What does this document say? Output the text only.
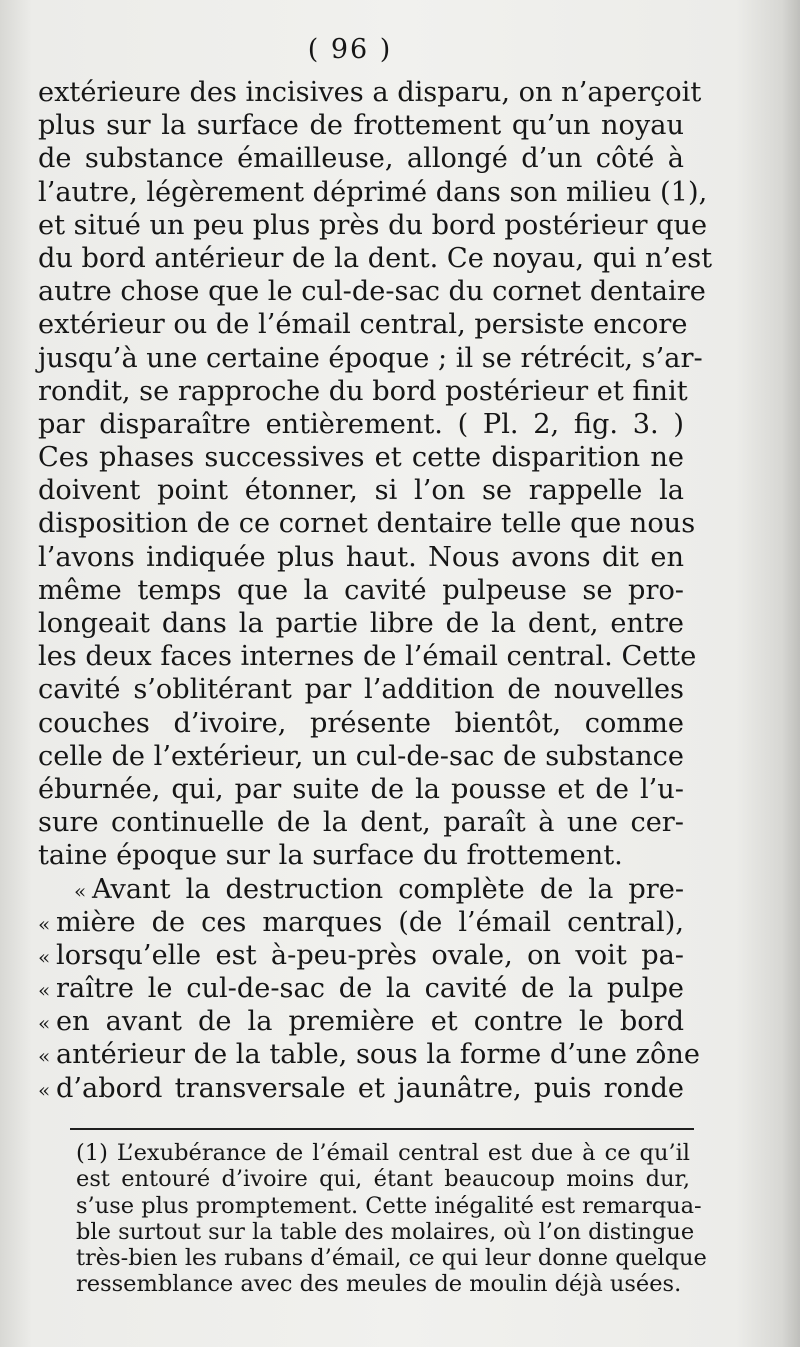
( 96 )
extérieure des incisives a disparu, on n’aperçoit
plus sur la surface de frottement qu’un noyau
de substance émailleuse, allongé d’un côté à
l’autre, légèrement déprimé dans son milieu (1),
et situé un peu plus près du bord postérieur que
du bord antérieur de la dent. Ce noyau, qui n’est
autre chose que le cul-de-sac du cornet dentaire
extérieur ou de l’émail central, persiste encore
jusqu’à une certaine époque ; il se rétrécit, s’ar-
rondit, se rapproche du bord postérieur et finit
par disparaître entièrement. ( Pl. 2, fig. 3. )
Ces phases successives et cette disparition ne
doivent point étonner, si l’on se rappelle la
disposition de ce cornet dentaire telle que nous
l’avons indiquée plus haut. Nous avons dit en
même temps que la cavité pulpeuse se pro-
longeait dans la partie libre de la dent, entre
les deux faces internes de l’émail central. Cette
cavité s’oblitérant par l’addition de nouvelles
couches d’ivoire, présente bientôt, comme
celle de l’extérieur, un cul-de-sac de substance
éburnée, qui, par suite de la pousse et de l’u-
sure continuelle de la dent, paraît à une cer-
taine époque sur la surface du frottement.
« Avant la destruction complète de la pre-
« mière de ces marques (de l’émail central),
« lorsqu’elle est à-peu-près ovale, on voit pa-
« raître le cul-de-sac de la cavité de la pulpe
« en avant de la première et contre le bord
« antérieur de la table, sous la forme d’une zône
« d’abord transversale et jaunâtre, puis ronde
(1) L’exubérance de l’émail central est due à ce qu’il
est entouré d’ivoire qui, étant beaucoup moins dur,
s’use plus promptement. Cette inégalité est remarqua-
ble surtout sur la table des molaires, où l’on distingue
très-bien les rubans d’émail, ce qui leur donne quelque
ressemblance avec des meules de moulin déjà usées.
